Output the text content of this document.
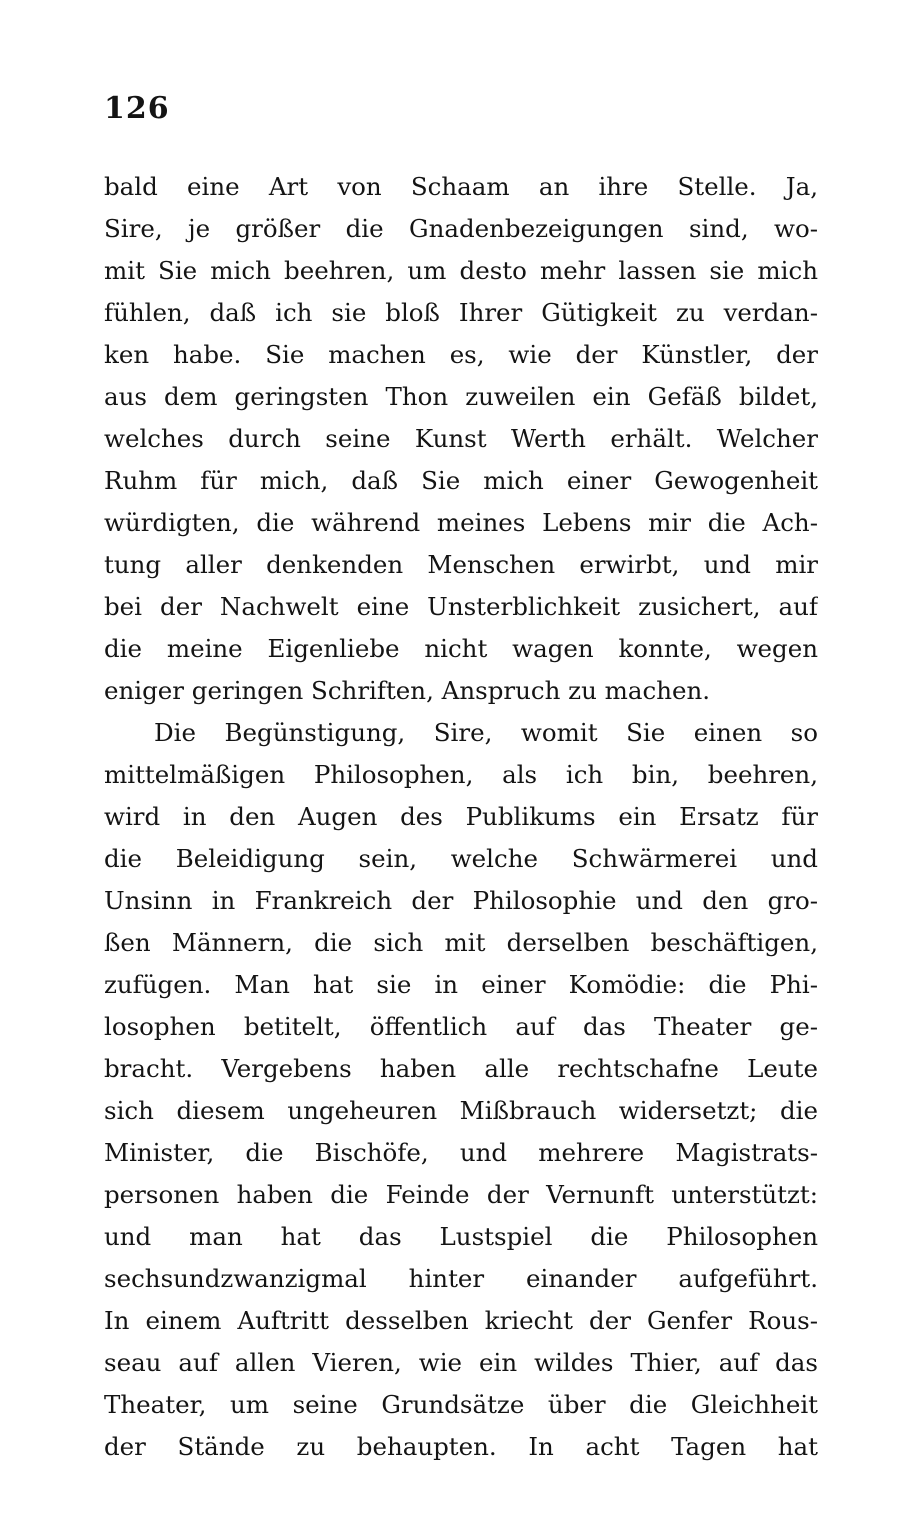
126
bald eine Art von Schaam an ihre Stelle. Ja,
Sire, je größer die Gnadenbezeigungen sind, wo-
mit Sie mich beehren, um desto mehr lassen sie mich
fühlen, daß ich sie bloß Ihrer Gütigkeit zu verdan-
ken habe. Sie machen es, wie der Künstler, der
aus dem geringsten Thon zuweilen ein Gefäß bildet,
welches durch seine Kunst Werth erhält. Welcher
Ruhm für mich, daß Sie mich einer Gewogenheit
würdigten, die während meines Lebens mir die Ach-
tung aller denkenden Menschen erwirbt, und mir
bei der Nachwelt eine Unsterblichkeit zusichert, auf
die meine Eigenliebe nicht wagen konnte, wegen
eniger geringen Schriften, Anspruch zu machen.
Die Begünstigung, Sire, womit Sie einen so
mittelmäßigen Philosophen, als ich bin, beehren,
wird in den Augen des Publikums ein Ersatz für
die Beleidigung sein, welche Schwärmerei und
Unsinn in Frankreich der Philosophie und den gro-
ßen Männern, die sich mit derselben beschäftigen,
zufügen. Man hat sie in einer Komödie: die Phi-
losophen betitelt, öffentlich auf das Theater ge-
bracht. Vergebens haben alle rechtschafne Leute
sich diesem ungeheuren Mißbrauch widersetzt; die
Minister, die Bischöfe, und mehrere Magistrats-
personen haben die Feinde der Vernunft unterstützt:
und man hat das Lustspiel die Philosophen
sechsundzwanzigmal hinter einander aufgeführt.
In einem Auftritt desselben kriecht der Genfer Rous-
seau auf allen Vieren, wie ein wildes Thier, auf das
Theater, um seine Grundsätze über die Gleichheit
der Stände zu behaupten. In acht Tagen hat
